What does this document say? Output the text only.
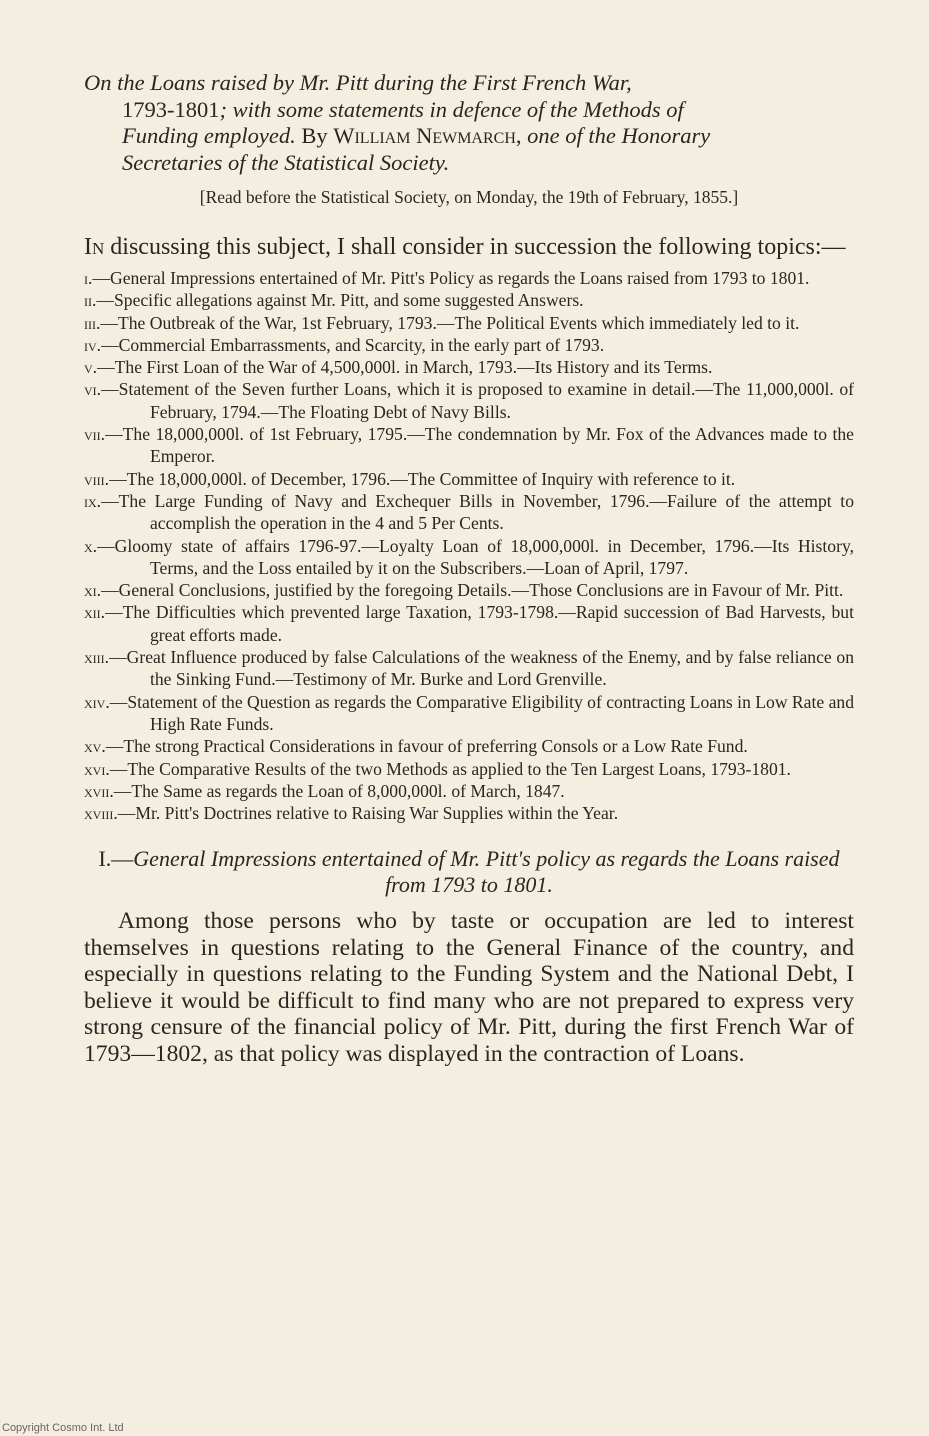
On the Loans raised by Mr. Pitt during the First French War,
1793-1801; with some statements in defence of the Methods of
Funding employed. By William Newmarch, one of the Honorary
Secretaries of the Statistical Society.

[Read before the Statistical Society, on Monday, the 19th of February, 1855.]

In discussing this subject, I shall consider in succession the following topics:—

i.—General Impressions entertained of Mr. Pitt's Policy as regards the Loans raised from 1793 to 1801.
ii.—Specific allegations against Mr. Pitt, and some suggested Answers.
iii.—The Outbreak of the War, 1st February, 1793.—The Political Events which immediately led to it.
iv.—Commercial Embarrassments, and Scarcity, in the early part of 1793.
v.—The First Loan of the War of 4,500,000l. in March, 1793.—Its History and its Terms.
vi.—Statement of the Seven further Loans, which it is proposed to examine in detail.—The 11,000,000l. of February, 1794.—The Floating Debt of Navy Bills.
vii.—The 18,000,000l. of 1st February, 1795.—The condemnation by Mr. Fox of the Advances made to the Emperor.
viii.—The 18,000,000l. of December, 1796.—The Committee of Inquiry with reference to it.
ix.—The Large Funding of Navy and Exchequer Bills in November, 1796.—Failure of the attempt to accomplish the operation in the 4 and 5 Per Cents.
x.—Gloomy state of affairs 1796-97.—Loyalty Loan of 18,000,000l. in December, 1796.—Its History, Terms, and the Loss entailed by it on the Subscribers.—Loan of April, 1797.
xi.—General Conclusions, justified by the foregoing Details.—Those Conclusions are in Favour of Mr. Pitt.
xii.—The Difficulties which prevented large Taxation, 1793-1798.—Rapid succession of Bad Harvests, but great efforts made.
xiii.—Great Influence produced by false Calculations of the weakness of the Enemy, and by false reliance on the Sinking Fund.—Testimony of Mr. Burke and Lord Grenville.
xiv.—Statement of the Question as regards the Comparative Eligibility of contracting Loans in Low Rate and High Rate Funds.
xv.—The strong Practical Considerations in favour of preferring Consols or a Low Rate Fund.
xvi.—The Comparative Results of the two Methods as applied to the Ten Largest Loans, 1793-1801.
xvii.—The Same as regards the Loan of 8,000,000l. of March, 1847.
xviii.—Mr. Pitt's Doctrines relative to Raising War Supplies within the Year.

I.—General Impressions entertained of Mr. Pitt's policy as regards the Loans raised from 1793 to 1801.

Among those persons who by taste or occupation are led to interest themselves in questions relating to the General Finance of the country, and especially in questions relating to the Funding System and the National Debt, I believe it would be difficult to find many who are not prepared to express very strong censure of the financial policy of Mr. Pitt, during the first French War of 1793—1802, as that policy was displayed in the contraction of Loans.

Copyright Cosmo Int. Ltd
